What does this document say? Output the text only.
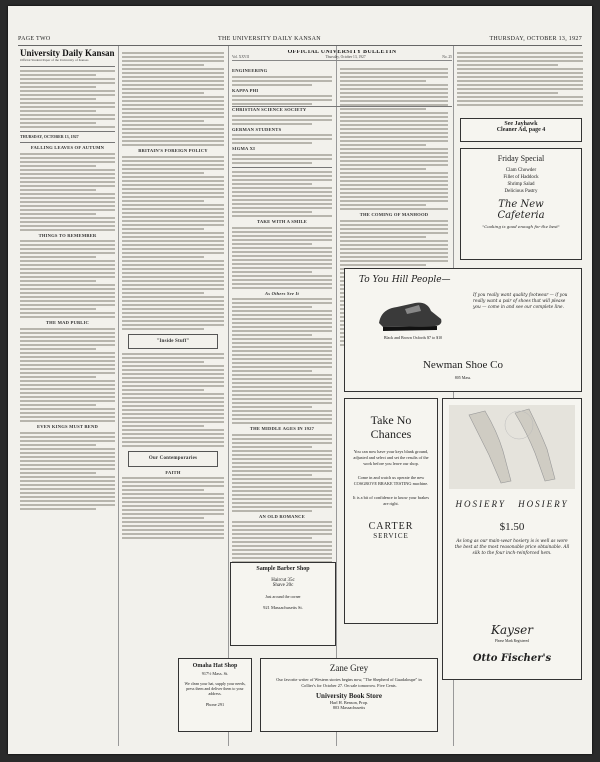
PAGE TWO	THE UNIVERSITY DAILY KANSAN	THURSDAY, OCTOBER 13, 1927
University Daily Kansan
Official Student Paper of the University of Kansas
THURSDAY, OCTOBER 13, 1927
FALLING LEAVES OF AUTUMN
THINGS TO REMEMBER
THE MAD PUBLIC
EVEN KINGS MUST BEND
BRITAIN'S FOREIGN POLICY
"Inside Stuff"
Our Contemporaries
FAITH
OFFICIAL UNIVERSITY BULLETIN
Vol. XXVII	Thursday, October 13, 1927	No. 25
ENGINEERING
KAPPA PHI
CHRISTIAN SCIENCE SOCIETY
GERMAN STUDENTS
SIGMA XI
TAKE WITH A SMILE
As Others See It
THE MIDDLE AGES IN 1927
AN OLD ROMANCE
THE COMING OF MANHOOD
See Jayhawk
Cleaner Ad, page 4
Friday Special
Clam Chowder
Fillet of Haddock
Shrimp Salad
Delicious Pastry
The New
Cafeteria
"Cooking is good enough for the best"
To You Hill People—
Black and Brown Oxfords $7 to $10
If you really want quality footwear — if you really want a pair of shoes that will please you — come in and see our complete line.
Newman Shoe Co
805 Mass.
Take No Chances
You can now have your keys blank ground, adjusted and select and set the results of the work before you leave our shop.
Come in and watch us operate the new COSGROVE BRAKE TESTING machine.
It is a bit of confidence to know your brakes are right.
CARTER
SERVICE
HOSIERY HOSIERY
$1.50
As long as our main-wear hosiery is is well as wore the best at the most reasonable price obtainable. All silk to the four inch-reinforced hem.
Kayser
Please Mark Registered
Otto Fischer's
Sample Barber Shop
Haircut 35c
Shave 20c
Just around the corner
921 Massachusetts St.
Omaha Hat Shop
917½ Mass. St.
We clean your hat, supply your needs, press them and deliver them to your address.
Phone 291
Zane Grey
Our favorite writer of Western stories begins now, "The Shepherd of Guadaloupe" in Collier's for October 27. On sale tomorrow. Five Cents.
University Book Store
Harl H. Benson, Prop.
803 Massachusetts
